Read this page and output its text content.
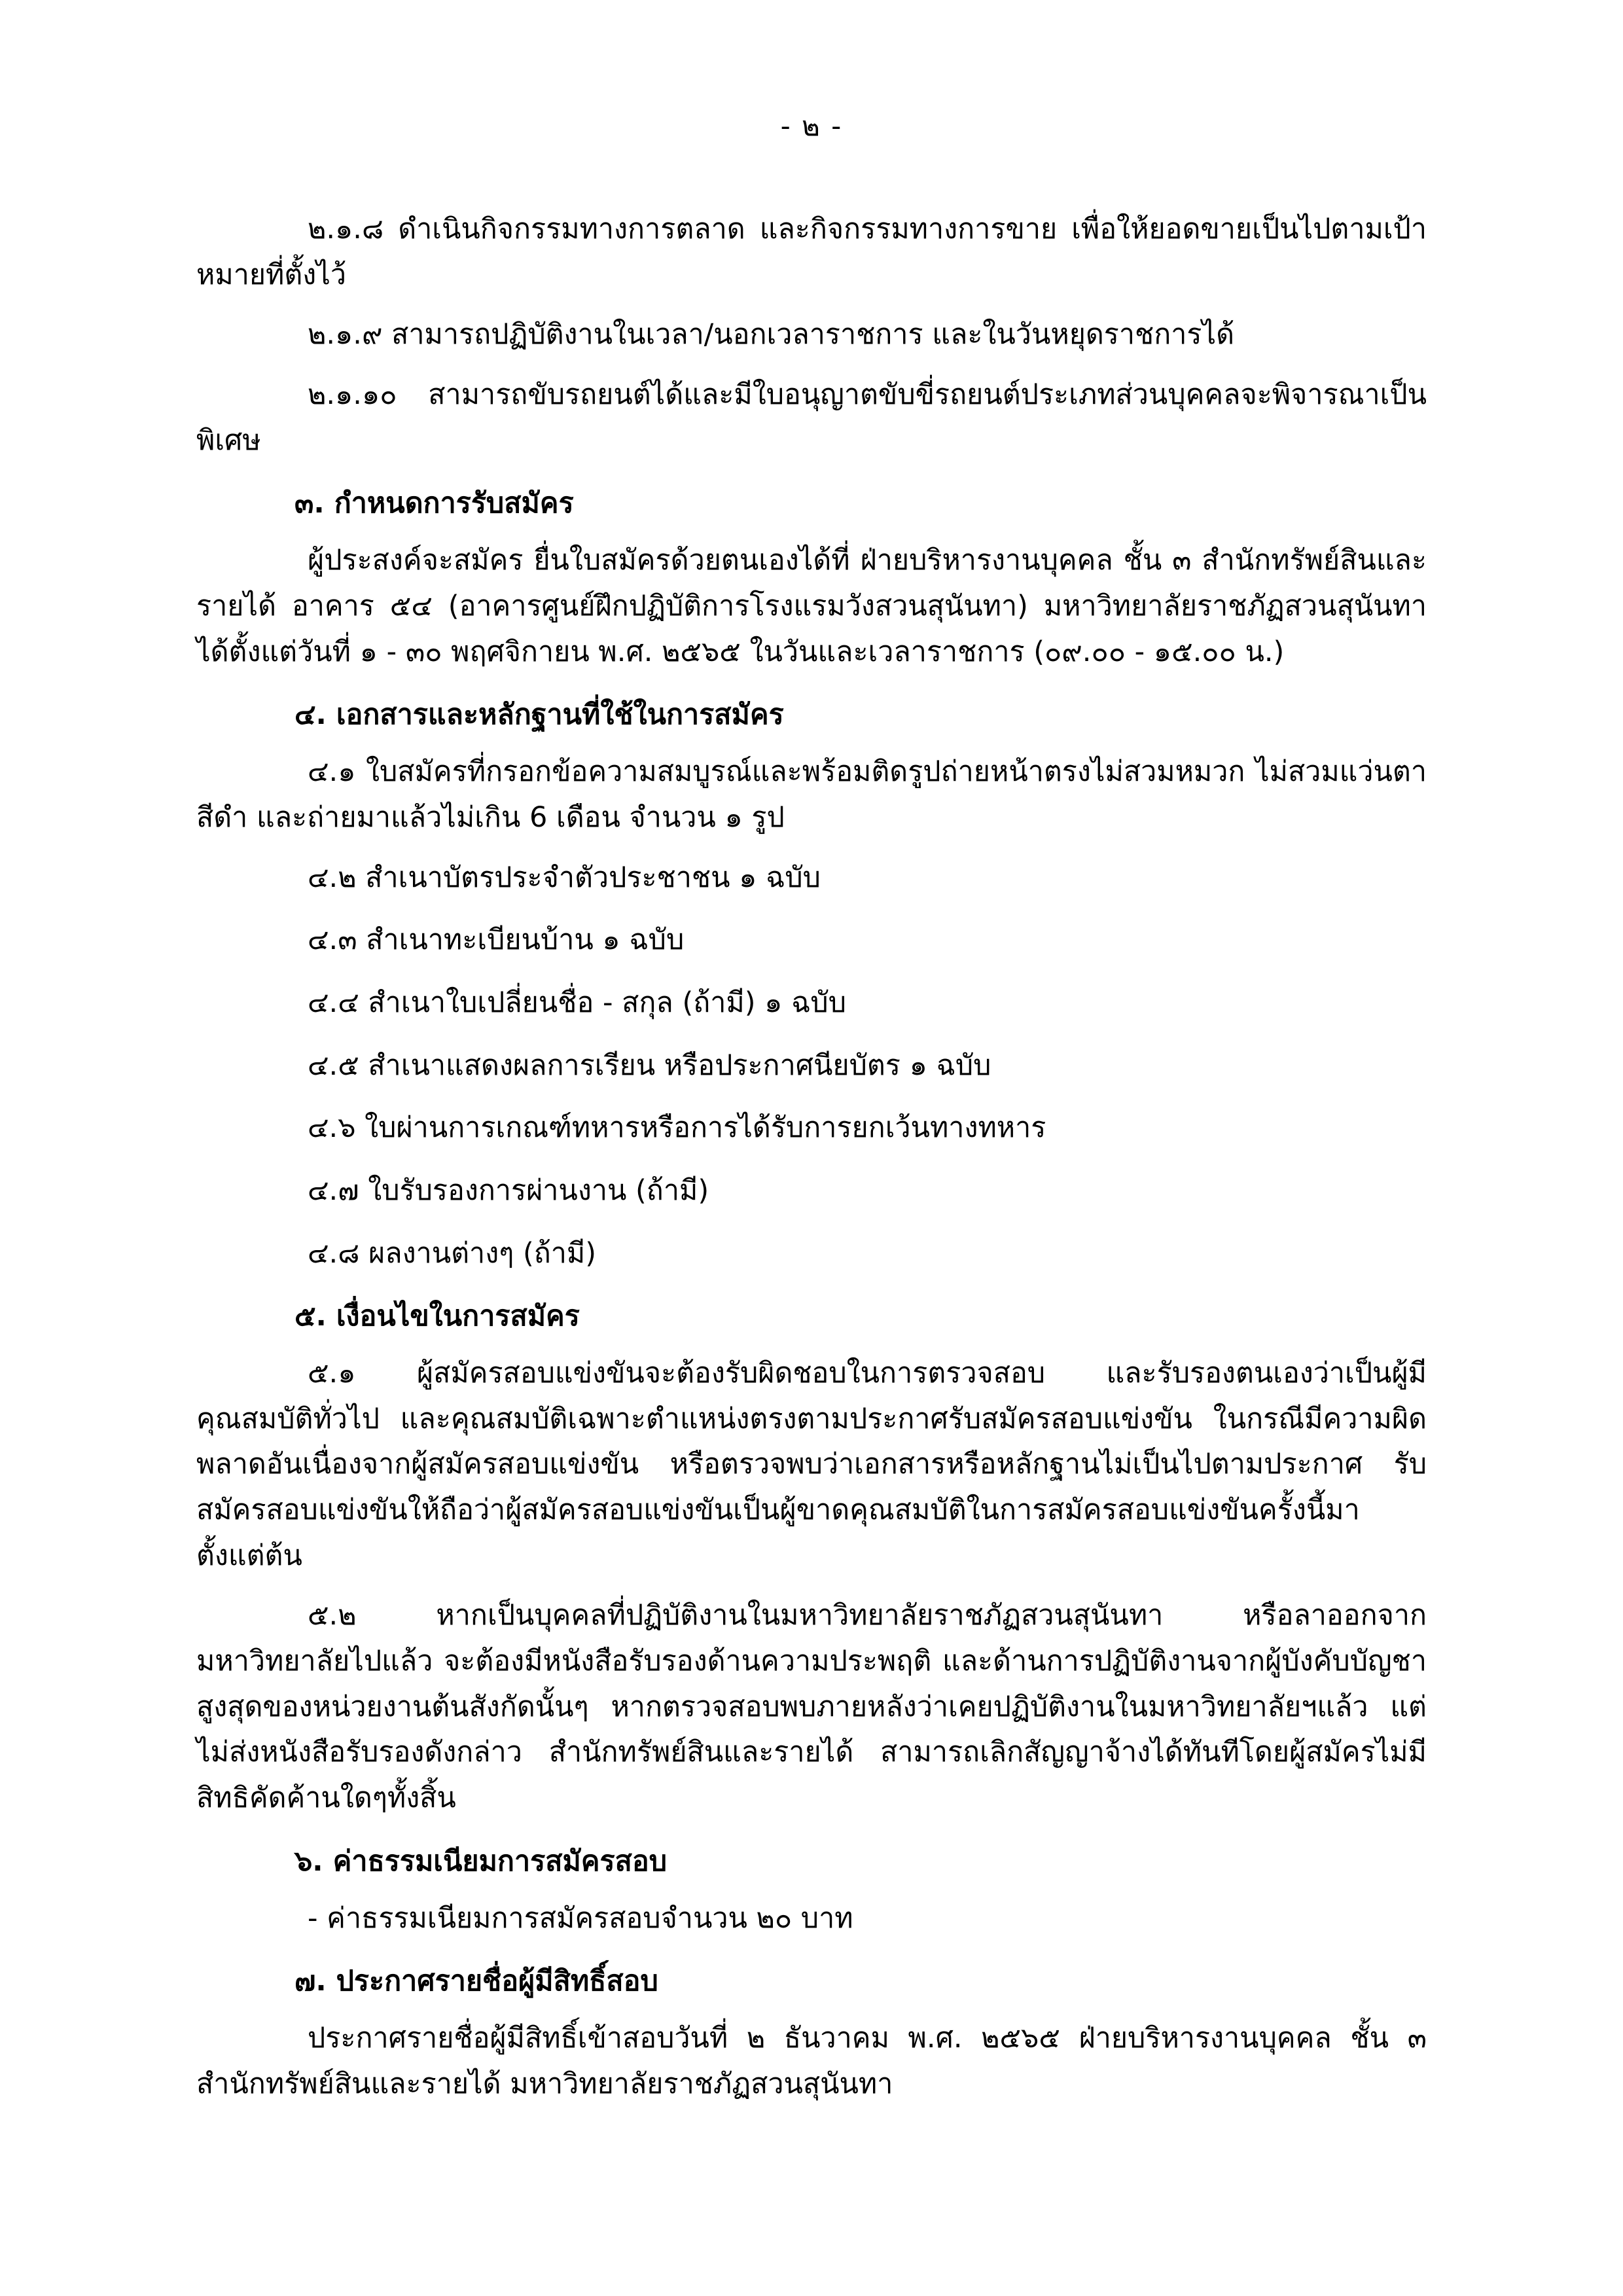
- ๒ -
๒.๑.๘ ดำเนินกิจกรรมทางการตลาด และกิจกรรมทางการขาย เพื่อให้ยอดขายเป็นไปตามเป้าหมายที่ตั้งไว้
๒.๑.๙ สามารถปฏิบัติงานในเวลา/นอกเวลาราชการ และในวันหยุดราชการได้
๒.๑.๑๐ สามารถขับรถยนต์ได้และมีใบอนุญาตขับขี่รถยนต์ประเภทส่วนบุคคลจะพิจารณาเป็นพิเศษ
๓. กำหนดการรับสมัคร
ผู้ประสงค์จะสมัคร ยื่นใบสมัครด้วยตนเองได้ที่ ฝ่ายบริหารงานบุคคล ชั้น ๓ สำนักทรัพย์สินและรายได้ อาคาร ๕๔ (อาคารศูนย์ฝึกปฏิบัติการโรงแรมวังสวนสุนันทา) มหาวิทยาลัยราชภัฏสวนสุนันทา ได้ตั้งแต่วันที่ ๑ - ๓๐ พฤศจิกายน พ.ศ. ๒๕๖๕ ในวันและเวลาราชการ (๐๙.๐๐ - ๑๕.๐๐ น.)
๔. เอกสารและหลักฐานที่ใช้ในการสมัคร
๔.๑ ใบสมัครที่กรอกข้อความสมบูรณ์และพร้อมติดรูปถ่ายหน้าตรงไม่สวมหมวก ไม่สวมแว่นตาสีดำ และถ่ายมาแล้วไม่เกิน 6 เดือน จำนวน ๑ รูป
๔.๒ สำเนาบัตรประจำตัวประชาชน ๑ ฉบับ
๔.๓ สำเนาทะเบียนบ้าน ๑ ฉบับ
๔.๔ สำเนาใบเปลี่ยนชื่อ - สกุล (ถ้ามี) ๑ ฉบับ
๔.๕ สำเนาแสดงผลการเรียน หรือประกาศนียบัตร ๑ ฉบับ
๔.๖ ใบผ่านการเกณฑ์ทหารหรือการได้รับการยกเว้นทางทหาร
๔.๗ ใบรับรองการผ่านงาน (ถ้ามี)
๔.๘ ผลงานต่างๆ (ถ้ามี)
๕. เงื่อนไขในการสมัคร
๕.๑ ผู้สมัครสอบแข่งขันจะต้องรับผิดชอบในการตรวจสอบ และรับรองตนเองว่าเป็นผู้มีคุณสมบัติทั่วไป และคุณสมบัติเฉพาะตำแหน่งตรงตามประกาศรับสมัครสอบแข่งขัน ในกรณีมีความผิดพลาดอันเนื่องจากผู้สมัครสอบแข่งขัน หรือตรวจพบว่าเอกสารหรือหลักฐานไม่เป็นไปตามประกาศ รับสมัครสอบแข่งขันให้ถือว่าผู้สมัครสอบแข่งขันเป็นผู้ขาดคุณสมบัติในการสมัครสอบแข่งขันครั้งนี้มาตั้งแต่ต้น
๕.๒ หากเป็นบุคคลที่ปฏิบัติงานในมหาวิทยาลัยราชภัฏสวนสุนันทา หรือลาออกจากมหาวิทยาลัยไปแล้ว จะต้องมีหนังสือรับรองด้านความประพฤติ และด้านการปฏิบัติงานจากผู้บังคับบัญชาสูงสุดของหน่วยงานต้นสังกัดนั้นๆ หากตรวจสอบพบภายหลังว่าเคยปฏิบัติงานในมหาวิทยาลัยฯแล้ว แต่ไม่ส่งหนังสือรับรองดังกล่าว สำนักทรัพย์สินและรายได้ สามารถเลิกสัญญาจ้างได้ทันทีโดยผู้สมัครไม่มีสิทธิคัดค้านใดๆทั้งสิ้น
๖. ค่าธรรมเนียมการสมัครสอบ
- ค่าธรรมเนียมการสมัครสอบจำนวน ๒๐ บาท
๗. ประกาศรายชื่อผู้มีสิทธิ์สอบ
ประกาศรายชื่อผู้มีสิทธิ์เข้าสอบวันที่ ๒ ธันวาคม พ.ศ. ๒๕๖๕ ฝ่ายบริหารงานบุคคล ชั้น ๓ สำนักทรัพย์สินและรายได้ มหาวิทยาลัยราชภัฏสวนสุนันทา
